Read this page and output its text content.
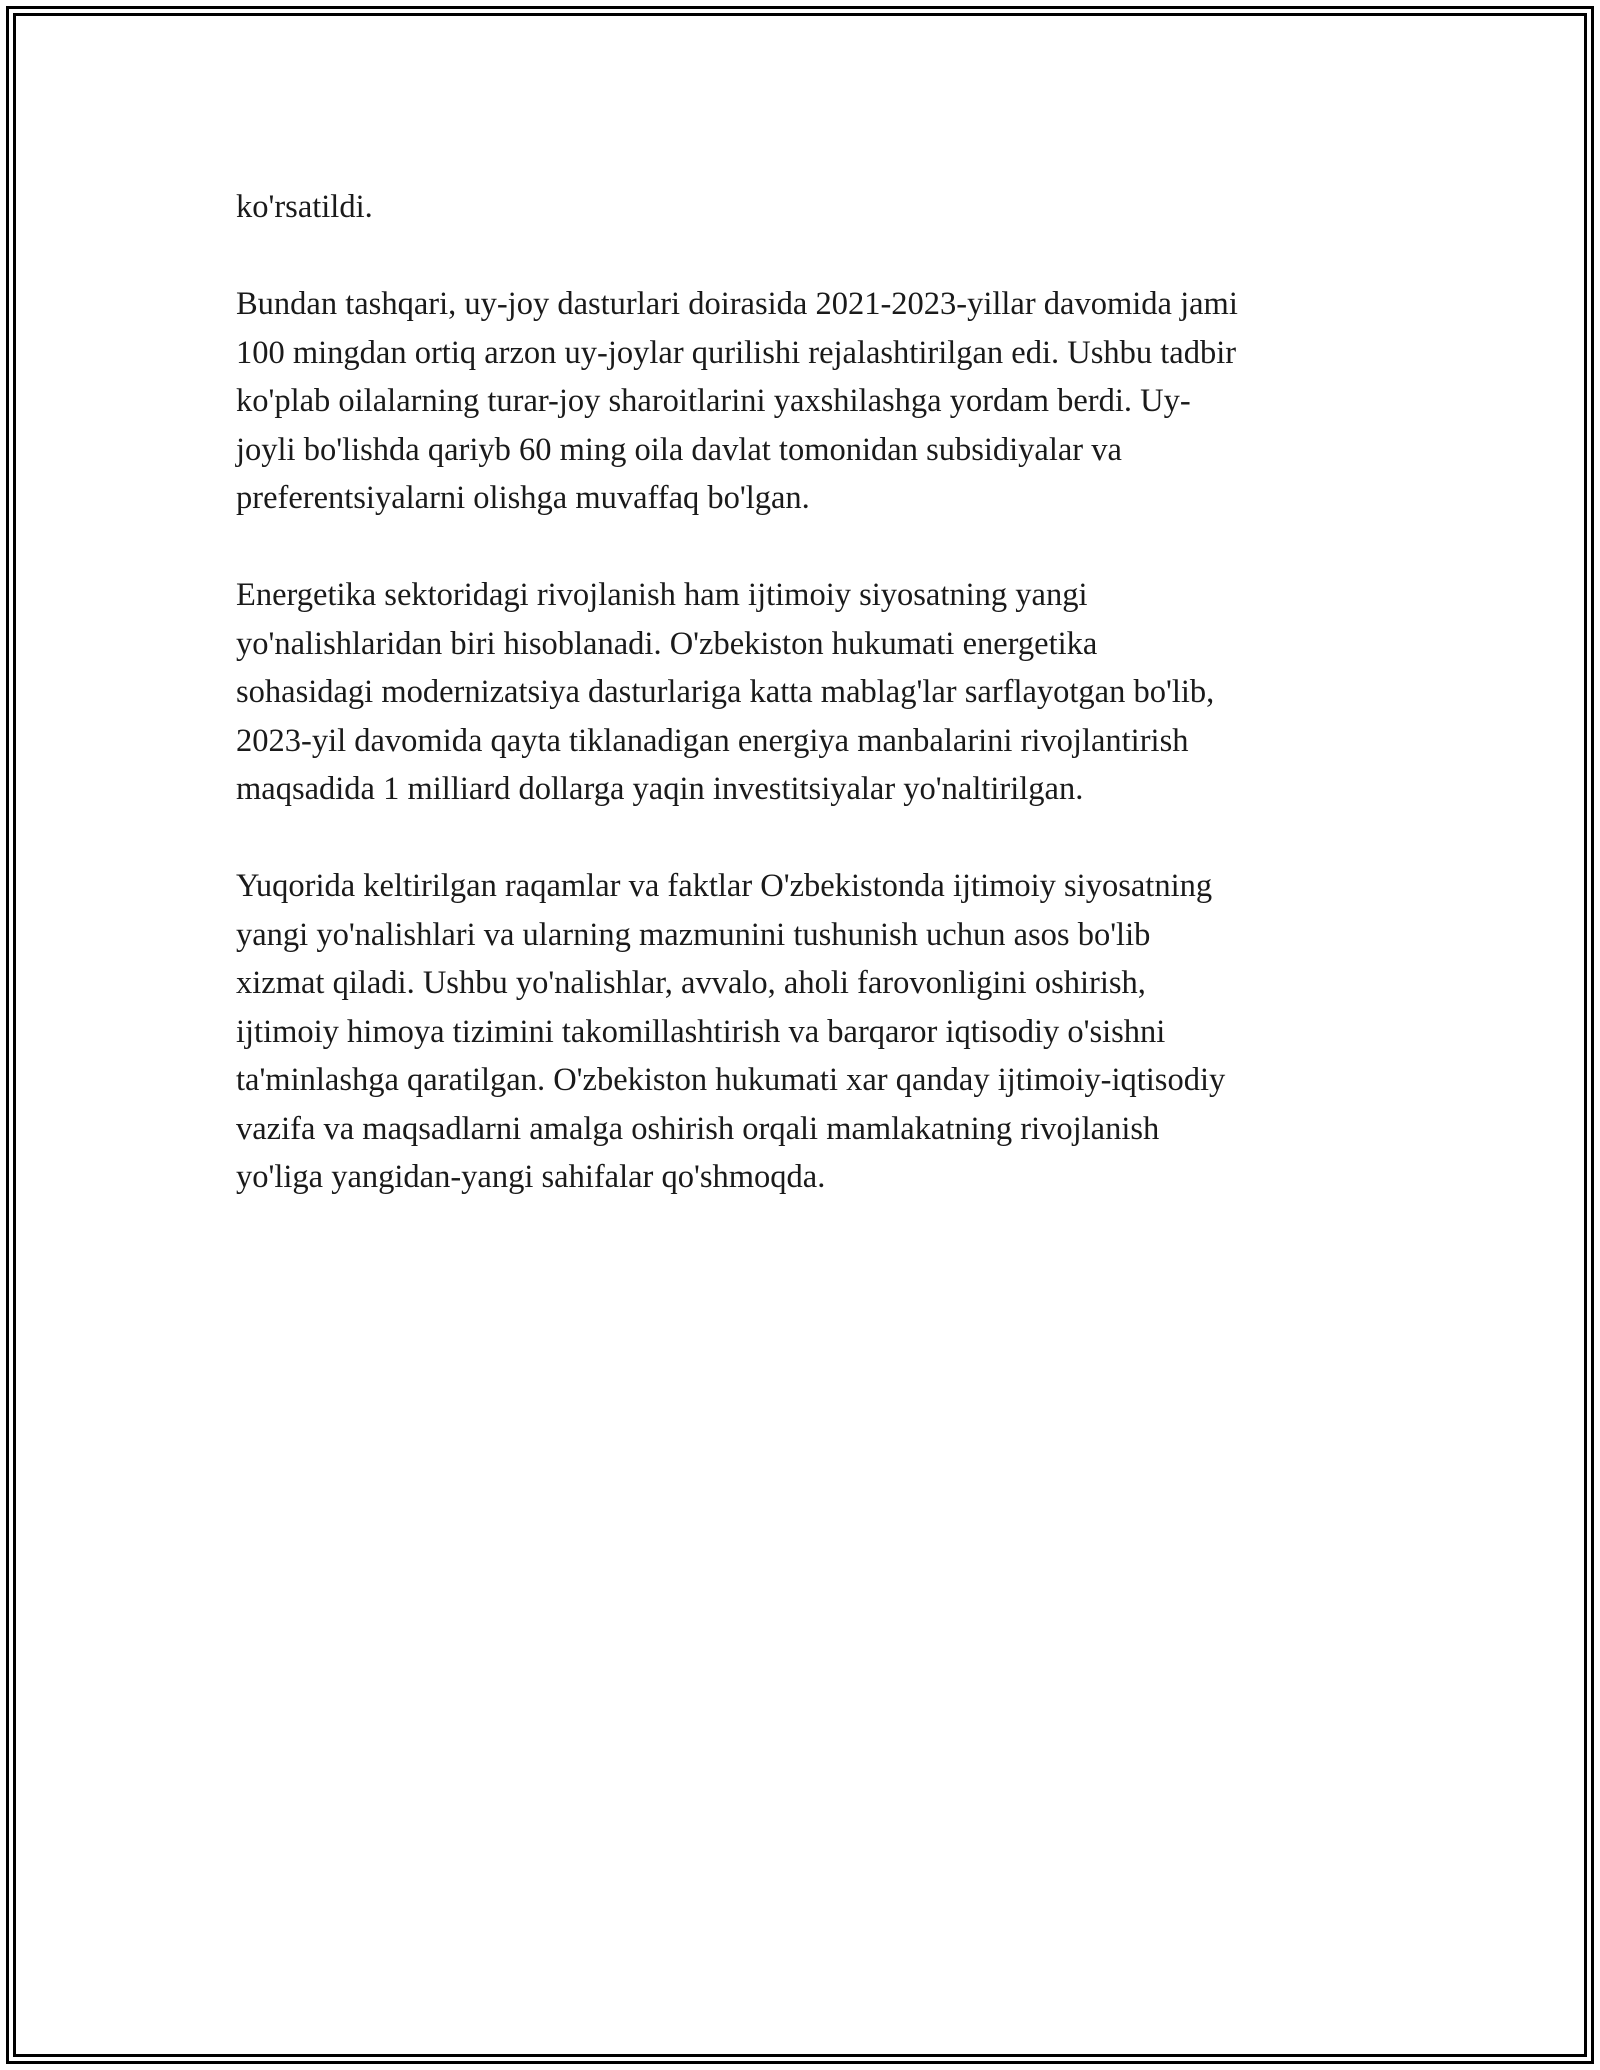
ko'rsatildi.

Bundan tashqari, uy-joy dasturlari doirasida 2021-2023-yillar davomida jami
100 mingdan ortiq arzon uy-joylar qurilishi rejalashtirilgan edi. Ushbu tadbir
ko'plab oilalarning turar-joy sharoitlarini yaxshilashga yordam berdi. Uy-
joyli bo'lishda qariyb 60 ming oila davlat tomonidan subsidiyalar va
preferentsiyalarni olishga muvaffaq bo'lgan.

Energetika sektoridagi rivojlanish ham ijtimoiy siyosatning yangi
yo'nalishlaridan biri hisoblanadi. O'zbekiston hukumati energetika
sohasidagi modernizatsiya dasturlariga katta mablag'lar sarflayotgan bo'lib,
2023-yil davomida qayta tiklanadigan energiya manbalarini rivojlantirish
maqsadida 1 milliard dollarga yaqin investitsiyalar yo'naltirilgan.

Yuqorida keltirilgan raqamlar va faktlar O'zbekistonda ijtimoiy siyosatning
yangi yo'nalishlari va ularning mazmunini tushunish uchun asos bo'lib
xizmat qiladi. Ushbu yo'nalishlar, avvalo, aholi farovonligini oshirish,
ijtimoiy himoya tizimini takomillashtirish va barqaror iqtisodiy o'sishni
ta'minlashga qaratilgan. O'zbekiston hukumati xar qanday ijtimoiy-iqtisodiy
vazifa va maqsadlarni amalga oshirish orqali mamlakatning rivojlanish
yo'liga yangidan-yangi sahifalar qo'shmoqda.
